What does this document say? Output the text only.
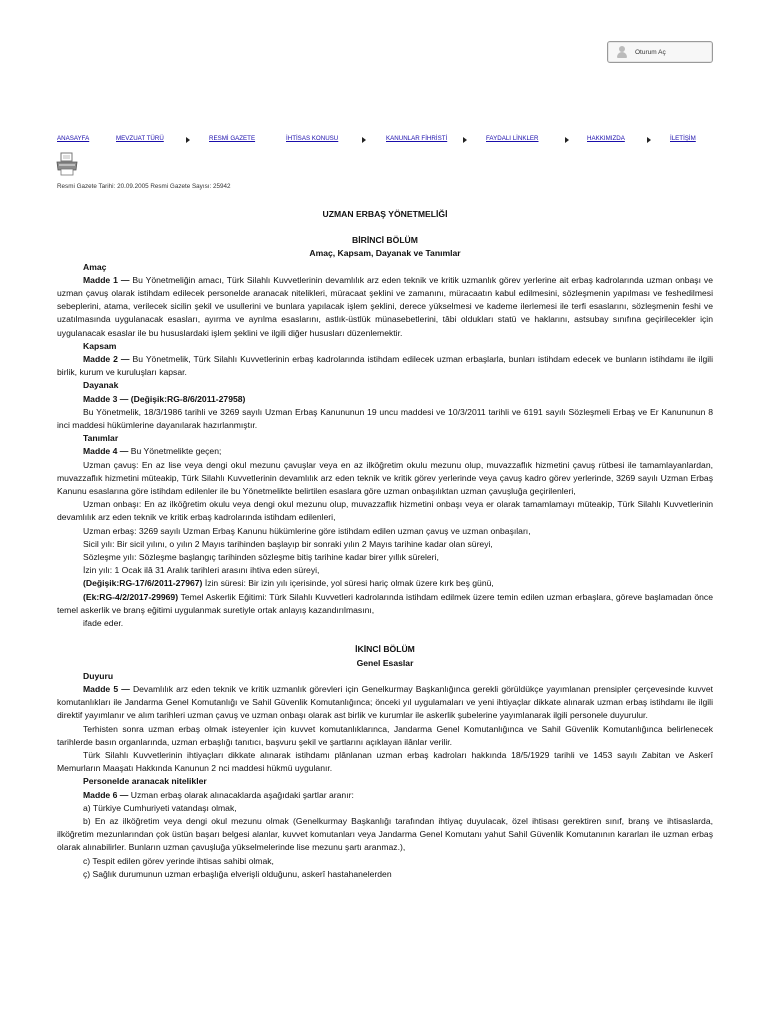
Oturum Aç
ANASAYFA	MEVZUAT TÜRÜ	RESMİ GAZETE	İHTİSAS KONUSU	KANUNLAR FİHRİSTİ	FAYDALI LİNKLER	HAKKIMIZDA	İLETİŞİM
Resmi Gazete Tarihi: 20.09.2005 Resmi Gazete Sayısı: 25942
UZMAN ERBAŞ YÖNETMELİĞİ
BİRİNCİ BÖLÜM
Amaç, Kapsam, Dayanak ve Tanımlar
Amaç
Madde 1 — Bu Yönetmeliğin amacı, Türk Silahlı Kuvvetlerinin devamlılık arz eden teknik ve kritik uzmanlık görev yerlerine ait erbaş kadrolarında uzman onbaşı ve uzman çavuş olarak istihdam edilecek personelde aranacak nitelikleri, müracaat şeklini ve zamanını, müracaatın kabul edilmesini, sözleşmenin yapılması ve feshedilmesi sebeplerini, atama, verilecek sicilin şekil ve usullerini ve bunlara yapılacak işlem şeklini, derece yükselmesi ve kademe ilerlemesi ile terfi esaslarını, sözleşmenin feshi ve uzatılmasında uygulanacak esasları, ayırma ve ayrılma esaslarını, astlık-üstlük münasebetlerini, tâbi oldukları statü ve haklarını, astsubay sınıfına geçirilecekler için uygulanacak esaslar ile bu hususlardaki işlem şeklini ve ilgili diğer hususları düzenlemektir.
Kapsam
Madde 2 — Bu Yönetmelik, Türk Silahlı Kuvvetlerinin erbaş kadrolarında istihdam edilecek uzman erbaşlarla, bunları istihdam edecek ve bunların istihdamı ile ilgili birlik, kurum ve kuruluşları kapsar.
Dayanak
Madde 3 — (Değişik:RG-8/6/2011-27958)
Bu Yönetmelik, 18/3/1986 tarihli ve 3269 sayılı Uzman Erbaş Kanununun 19 uncu maddesi ve 10/3/2011 tarihli ve 6191 sayılı Sözleşmeli Erbaş ve Er Kanununun 8 inci maddesi hükümlerine dayanılarak hazırlanmıştır.
Tanımlar
Madde 4 — Bu Yönetmelikte geçen;
Uzman çavuş: En az lise veya dengi okul mezunu çavuşlar veya en az ilköğretim okulu mezunu olup, muvazzaflık hizmetini çavuş rütbesi ile tamamlayanlardan, muvazzaflık hizmetini müteakip, Türk Silahlı Kuvvetlerinin devamlılık arz eden teknik ve kritik görev yerlerinde veya çavuş kadro görev yerlerinde, 3269 sayılı Uzman Erbaş Kanunu esaslarına göre istihdam edilenler ile bu Yönetmelikte belirtilen esaslara göre uzman onbaşılıktan uzman çavuşluğa geçirilenleri,
Uzman onbaşı: En az ilköğretim okulu veya dengi okul mezunu olup, muvazzaflık hizmetini onbaşı veya er olarak tamamlamayı müteakip, Türk Silahlı Kuvvetlerinin devamlılık arz eden teknik ve kritik erbaş kadrolarında istihdam edilenleri,
Uzman erbaş: 3269 sayılı Uzman Erbaş Kanunu hükümlerine göre istihdam edilen uzman çavuş ve uzman onbaşıları,
Sicil yılı: Bir sicil yılını, o yılın 2 Mayıs tarihinden başlayıp bir sonraki yılın 2 Mayıs tarihine kadar olan süreyi,
Sözleşme yılı: Sözleşme başlangıç tarihinden sözleşme bitiş tarihine kadar birer yıllık süreleri,
İzin yılı: 1 Ocak ilâ 31 Aralık tarihleri arasını ihtiva eden süreyi,
(Değişik:RG-17/6/2011-27967) İzin süresi: Bir izin yılı içerisinde, yol süresi hariç olmak üzere kırk beş günü,
(Ek:RG-4/2/2017-29969) Temel Askerlik Eğitimi: Türk Silahlı Kuvvetleri kadrolarında istihdam edilmek üzere temin edilen uzman erbaşlara, göreve başlamadan önce temel askerlik ve branş eğitimi uygulanmak suretiyle ortak anlayış kazandırılmasını,
ifade eder.
İKİNCİ BÖLÜM
Genel Esaslar
Duyuru
Madde 5 — Devamlılık arz eden teknik ve kritik uzmanlık görevleri için Genelkurmay Başkanlığınca gerekli görüldükçe yayımlanan prensipler çerçevesinde kuvvet komutanlıkları ile Jandarma Genel Komutanlığı ve Sahil Güvenlik Komutanlığınca; önceki yıl uygulamaları ve yeni ihtiyaçlar dikkate alınarak uzman erbaş istihdamı ile ilgili direktif yayımlanır ve alım tarihleri uzman çavuş ve uzman onbaşı olarak ast birlik ve kurumlar ile askerlik şubelerine yayımlanarak ilgili personele duyurulur.
Terhisten sonra uzman erbaş olmak isteyenler için kuvvet komutanlıklarınca, Jandarma Genel Komutanlığınca ve Sahil Güvenlik Komutanlığınca belirlenecek tarihlerde basın organlarında, uzman erbaşlığı tanıtıcı, başvuru şekil ve şartlarını açıklayan ilânlar verilir.
Türk Silahlı Kuvvetlerinin ihtiyaçları dikkate alınarak istihdamı plânlanan uzman erbaş kadroları hakkında 18/5/1929 tarihli ve 1453 sayılı Zabitan ve Askerî Memurların Maaşatı Hakkında Kanunun 2 nci maddesi hükmü uygulanır.
Personelde aranacak nitelikler
Madde 6 — Uzman erbaş olarak alınacaklarda aşağıdaki şartlar aranır:
a) Türkiye Cumhuriyeti vatandaşı olmak,
b) En az ilköğretim veya dengi okul mezunu olmak (Genelkurmay Başkanlığı tarafından ihtiyaç duyulacak, özel ihtisası gerektiren sınıf, branş ve ihtisaslarda, ilköğretim mezunlarından çok üstün başarı belgesi alanlar, kuvvet komutanları veya Jandarma Genel Komutanı yahut Sahil Güvenlik Komutanının kararları ile uzman erbaş olarak alınabilirler. Bunların uzman çavuşluğa yükselmelerinde lise mezunu şartı aranmaz.),
c) Tespit edilen görev yerinde ihtisas sahibi olmak,
ç) Sağlık durumunun uzman erbaşlığa elverişli olduğunu, askerî hastahanelerden
